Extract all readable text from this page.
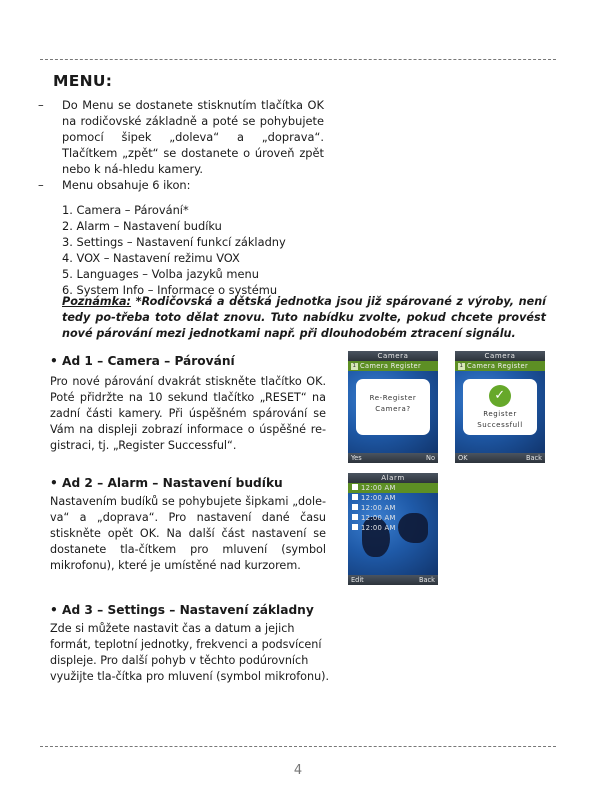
MENU:
–	Do Menu se dostanete stisknutím tlačítka OK na rodičovské základně a poté se pohybujete pomocí šipek „doleva“ a „doprava“. Tlačítkem „zpět“ se dostanete o úroveň zpět nebo k ná-hledu kamery.
–	Menu obsahuje 6 ikon:
1. Camera – Párování*
2. Alarm – Nastavení budíku
3. Settings – Nastavení funkcí základny
4. VOX – Nastavení režimu VOX
5. Languages – Volba jazyků menu
6. System Info – Informace o systému
Poznámka: *Rodičovská a dětská jednotka jsou již spárované z výroby, není tedy po-třeba toto dělat znovu. Tuto nabídku zvolte, pokud chcete provést nové párování mezi jednotkami např. při dlouhodobém ztracení signálu.
• Ad 1 – Camera – Párování
Pro nové párování dvakrát stiskněte tlačítko OK. Poté přidržte na 10 sekund tlačítko „RESET“ na zadní části kamery. Při úspěšném spárování se Vám na displeji zobrazí informace o úspěšné re-gistraci, tj. „Register Successful“.
• Ad 2 – Alarm – Nastavení budíku
Nastavením budíků se pohybujete šipkami „dole-va“ a „doprava“. Pro nastavení dané času stiskněte opět OK. Na další část nastavení se dostanete tla-čítkem pro mluvení (symbol mikrofonu), které je umístěné nad kurzorem.
• Ad 3 – Settings – Nastavení základny
Zde si můžete nastavit čas a datum a jejich formát, teplotní jednotky, frekvenci a podsvícení displeje. Pro další pohyb v těchto podúrovních využijte tla-čítka pro mluvení (symbol mikrofonu).
Camera
1 Camera Register
Re-Register
Camera?
Yes	No
Camera
1 Camera Register
✓
Register
Successfull
OK	Back
Alarm
12:00 AM
12:00 AM
12:00 AM
12:00 AM
12:00 AM
Edit	Back
4
